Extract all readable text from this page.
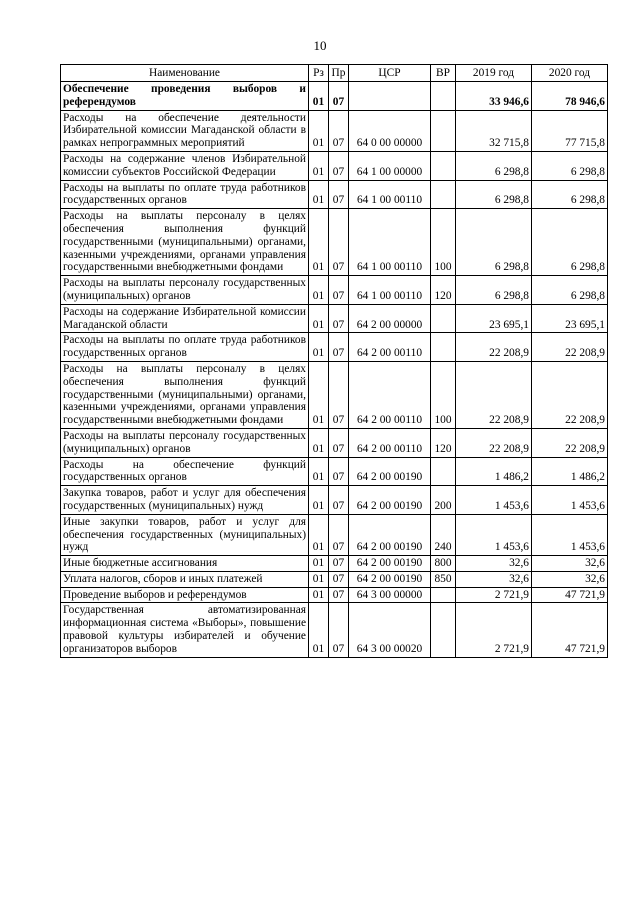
10
Наименование	Рз	Пр	ЦСР	ВР	2019 год	2020 год
Обеспечение проведения выборов и референдумов	01	07			33 946,6	78 946,6
Расходы на обеспечение деятельности Избирательной комиссии Магаданской области в рамках непрограммных мероприятий	01	07	64 0 00 00000		32 715,8	77 715,8
Расходы на содержание членов Избирательной комиссии субъектов Российской Федерации	01	07	64 1 00 00000		6 298,8	6 298,8
Расходы на выплаты по оплате труда работников государственных органов	01	07	64 1 00 00110		6 298,8	6 298,8
Расходы на выплаты персоналу в целях обеспечения выполнения функций государственными (муниципальными) органами, казенными учреждениями, органами управления государственными внебюджетными фондами	01	07	64 1 00 00110	100	6 298,8	6 298,8
Расходы на выплаты персоналу государственных (муниципальных) органов	01	07	64 1 00 00110	120	6 298,8	6 298,8
Расходы на содержание Избирательной комиссии Магаданской области	01	07	64 2 00 00000		23 695,1	23 695,1
Расходы на выплаты по оплате труда работников государственных органов	01	07	64 2 00 00110		22 208,9	22 208,9
Расходы на выплаты персоналу в целях обеспечения выполнения функций государственными (муниципальными) органами, казенными учреждениями, органами управления государственными внебюджетными фондами	01	07	64 2 00 00110	100	22 208,9	22 208,9
Расходы на выплаты персоналу государственных (муниципальных) органов	01	07	64 2 00 00110	120	22 208,9	22 208,9
Расходы на обеспечение функций государственных органов	01	07	64 2 00 00190		1 486,2	1 486,2
Закупка товаров, работ и услуг для обеспечения государственных (муниципальных) нужд	01	07	64 2 00 00190	200	1 453,6	1 453,6
Иные закупки товаров, работ и услуг для обеспечения государственных (муниципальных) нужд	01	07	64 2 00 00190	240	1 453,6	1 453,6
Иные бюджетные ассигнования	01	07	64 2 00 00190	800	32,6	32,6
Уплата налогов, сборов и иных платежей	01	07	64 2 00 00190	850	32,6	32,6
Проведение выборов и референдумов	01	07	64 3 00 00000		2 721,9	47 721,9
Государственная автоматизированная информационная система «Выборы», повышение правовой культуры избирателей и обучение организаторов выборов	01	07	64 3 00 00020		2 721,9	47 721,9
